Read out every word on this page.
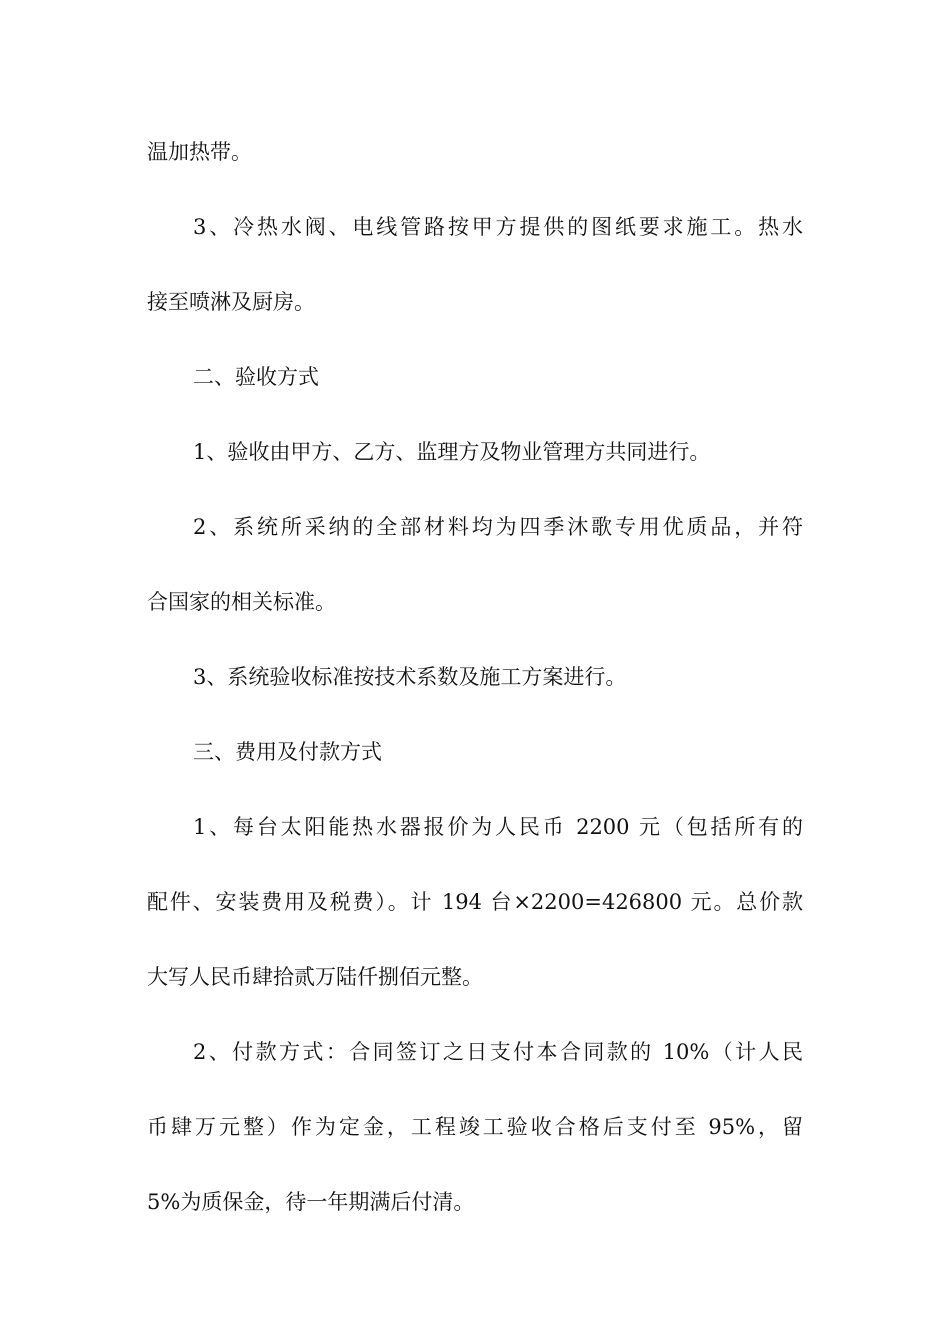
温加热带。
3、冷热水阀、电线管路按甲方提供的图纸要求施工。热水
接至喷淋及厨房。
二、验收方式
1、验收由甲方、乙方、监理方及物业管理方共同进行。
2、系统所采纳的全部材料均为四季沐歌专用优质品，并符
合国家的相关标准。
3、系统验收标准按技术系数及施工方案进行。
三、费用及付款方式
1、每台太阳能热水器报价为人民币 2200 元（包括所有的
配件、安装费用及税费）。计 194 台×2200=426800 元。总价款
大写人民币肆拾贰万陆仟捌佰元整。
2、付款方式：合同签订之日支付本合同款的 10%（计人民
币肆万元整）作为定金，工程竣工验收合格后支付至 95%，留
5%为质保金，待一年期满后付清。
